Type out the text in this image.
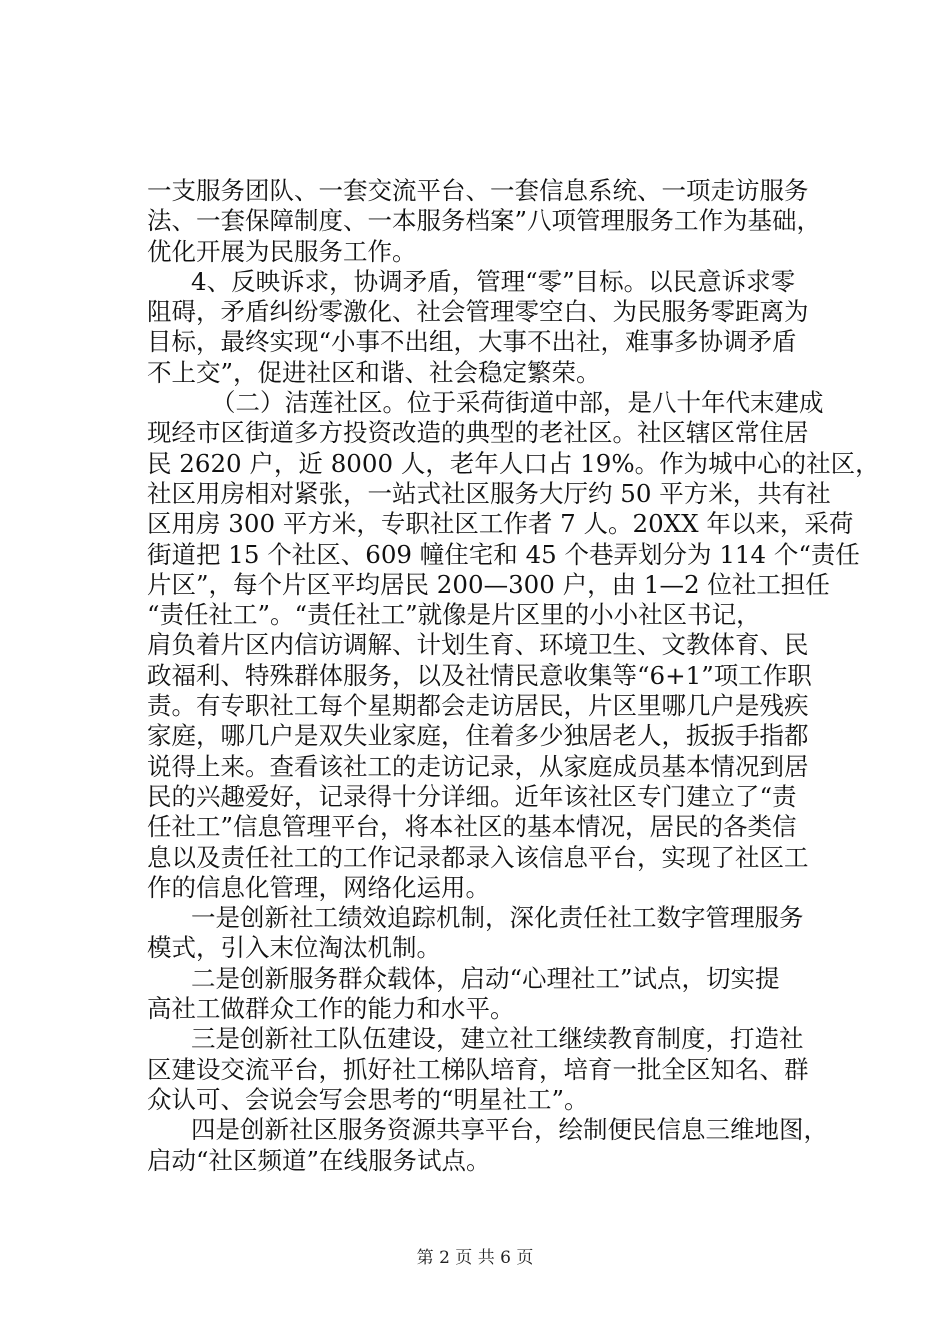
一支服务团队、一套交流平台、一套信息系统、一项走访服务
法、一套保障制度、一本服务档案”八项管理服务工作为基础，
优化开展为民服务工作。
4、反映诉求，协调矛盾，管理“零”目标。以民意诉求零
阻碍，矛盾纠纷零激化、社会管理零空白、为民服务零距离为
目标，最终实现“小事不出组，大事不出社，难事多协调矛盾
不上交”，促进社区和谐、社会稳定繁荣。
（二）洁莲社区。位于采荷街道中部，是八十年代末建成
现经市区街道多方投资改造的典型的老社区。社区辖区常住居
民 2620 户，近 8000 人，老年人口占 19%。作为城中心的社区，
社区用房相对紧张，一站式社区服务大厅约 50 平方米，共有社
区用房 300 平方米，专职社区工作者 7 人。20XX 年以来，采荷
街道把 15 个社区、609 幢住宅和 45 个巷弄划分为 114 个“责任
片区”，每个片区平均居民 200—300 户，由 1—2 位社工担任
“责任社工”。“责任社工”就像是片区里的小小社区书记，
肩负着片区内信访调解、计划生育、环境卫生、文教体育、民
政福利、特殊群体服务，以及社情民意收集等“6+1”项工作职
责。有专职社工每个星期都会走访居民，片区里哪几户是残疾
家庭，哪几户是双失业家庭，住着多少独居老人，扳扳手指都
说得上来。查看该社工的走访记录，从家庭成员基本情况到居
民的兴趣爱好，记录得十分详细。近年该社区专门建立了“责
任社工”信息管理平台，将本社区的基本情况，居民的各类信
息以及责任社工的工作记录都录入该信息平台，实现了社区工
作的信息化管理，网络化运用。
一是创新社工绩效追踪机制，深化责任社工数字管理服务
模式，引入末位淘汰机制。
二是创新服务群众载体，启动“心理社工”试点，切实提
高社工做群众工作的能力和水平。
三是创新社工队伍建设，建立社工继续教育制度，打造社
区建设交流平台，抓好社工梯队培育，培育一批全区知名、群
众认可、会说会写会思考的“明星社工”。
四是创新社区服务资源共享平台，绘制便民信息三维地图，
启动“社区频道”在线服务试点。
第 2 页 共 6 页
